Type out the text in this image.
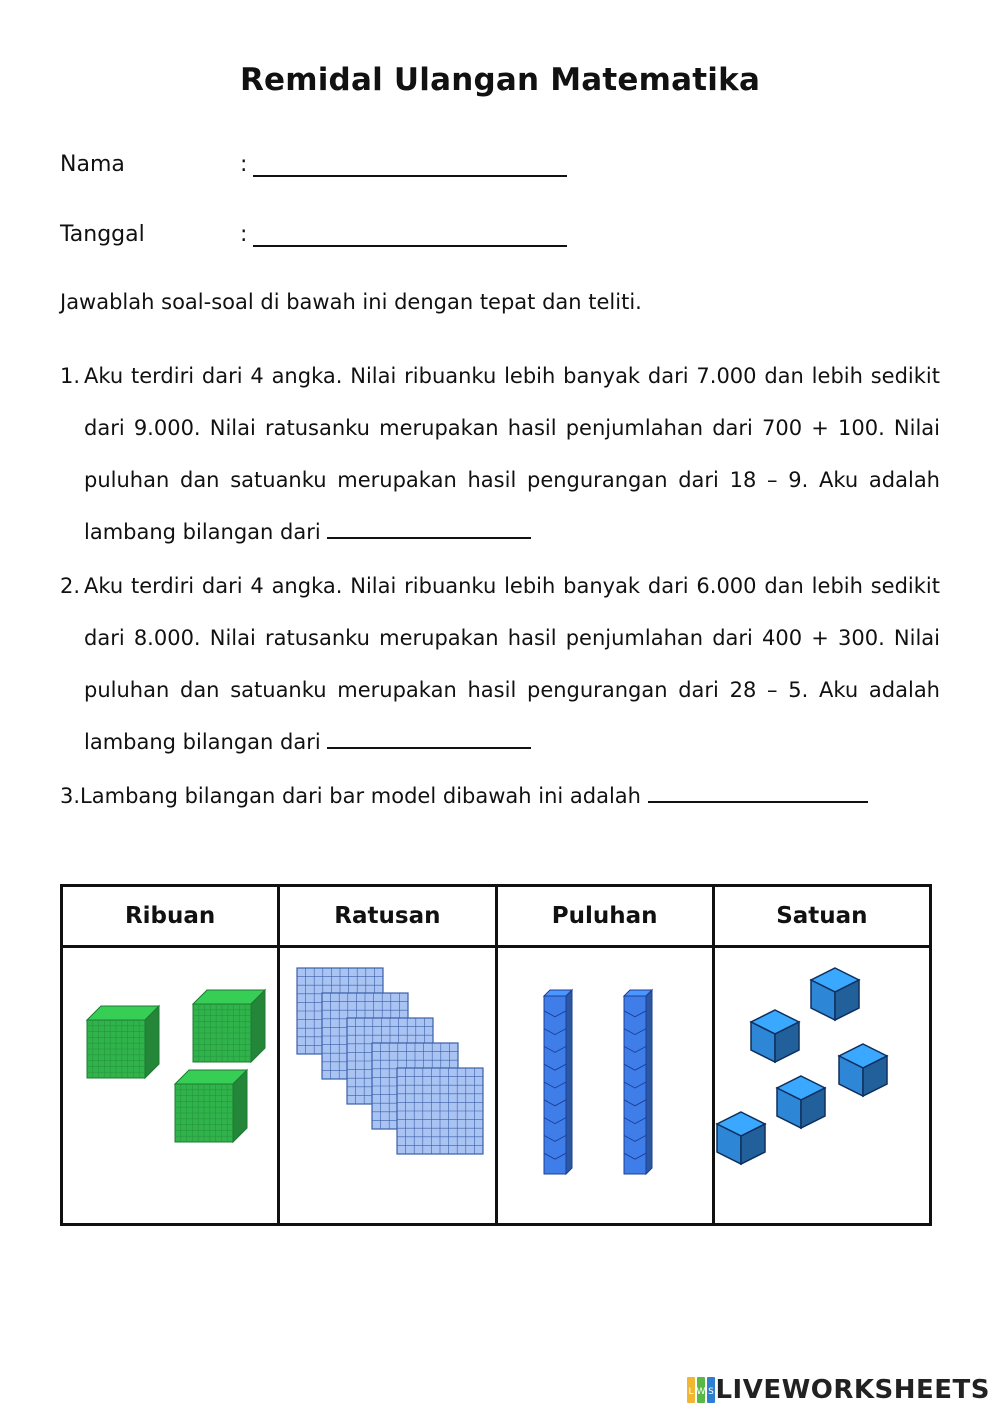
Remidal Ulangan Matematika
Nama	:
Tanggal	:
Jawablah soal-soal di bawah ini dengan tepat dan teliti.
1. Aku terdiri dari 4 angka. Nilai ribuanku lebih banyak dari 7.000 dan lebih sedikit dari 9.000. Nilai ratusanku merupakan hasil penjumlahan dari 700 + 100. Nilai puluhan dan satuanku merupakan hasil pengurangan dari 18 – 9. Aku adalah lambang bilangan dari
2. Aku terdiri dari 4 angka. Nilai ribuanku lebih banyak dari 6.000 dan lebih sedikit dari 8.000. Nilai ratusanku merupakan hasil penjumlahan dari 400 + 300. Nilai puluhan dan satuanku merupakan hasil pengurangan dari 28 – 5. Aku adalah lambang bilangan dari
3.Lambang bilangan dari bar model dibawah ini adalah
Ribuan	Ratusan	Puluhan	Satuan

L W S LIVEWORKSHEETS
